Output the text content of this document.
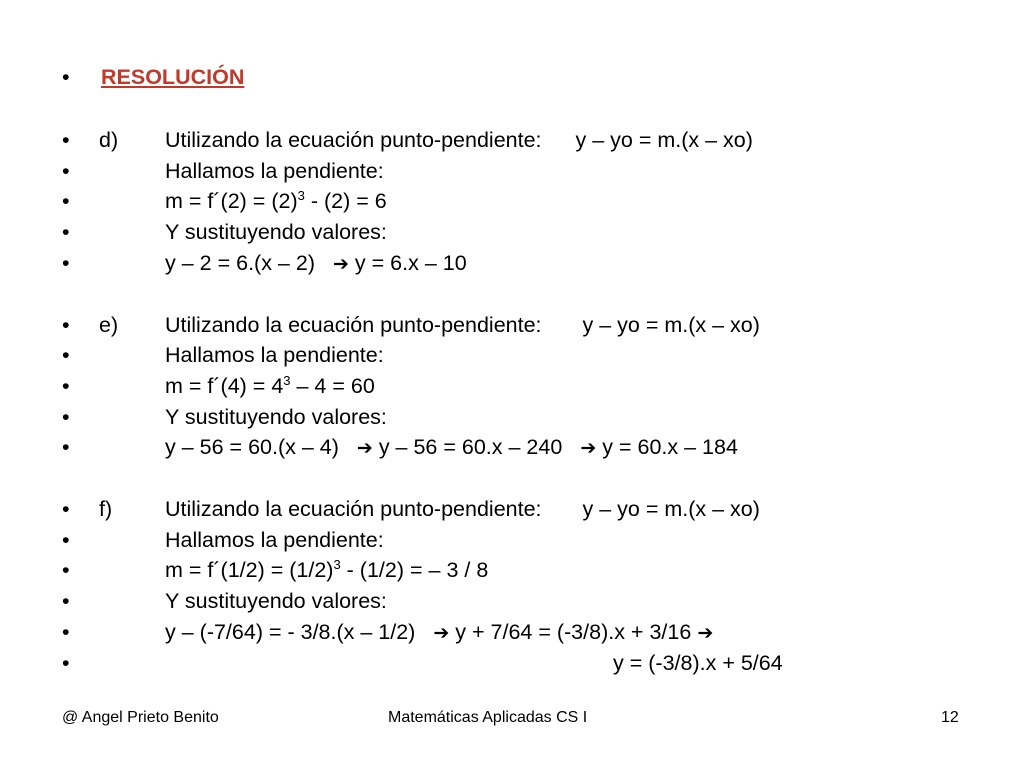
• RESOLUCIÓN
• d) Utilizando la ecuación punto-pendiente: y – yo = m.(x – xo)
•	Hallamos la pendiente:
•	m = f´(2) = $(2)^3 - (2) = 6$
•	Y sustituyendo valores:
•	y – 2 = 6.(x – 2) ➔ y = 6.x – 10
• e) Utilizando la ecuación punto-pendiente: y – yo = m.(x – xo)
•	Hallamos la pendiente:
•	m = f´(4) = $4^3 - 4 = 60$
•	Y sustituyendo valores:
•	y – 56 = 60.(x – 4) ➔ y – 56 = 60.x – 240 ➔ y = 60.x – 184
• f) Utilizando la ecuación punto-pendiente: y – yo = m.(x – xo)
•	Hallamos la pendiente:
•	m = f´(1/2) = $(1/2)^3 - (1/2)$ = – 3 / 8
•	Y sustituyendo valores:
•	y – (-7/64) = - 3/8.(x – 1/2) ➔ y + 7/64 = (-3/8).x + 3/16 ➔
•	y = (-3/8).x + 5/64
@ Angel Prieto Benito	Matemáticas Aplicadas CS I	12
